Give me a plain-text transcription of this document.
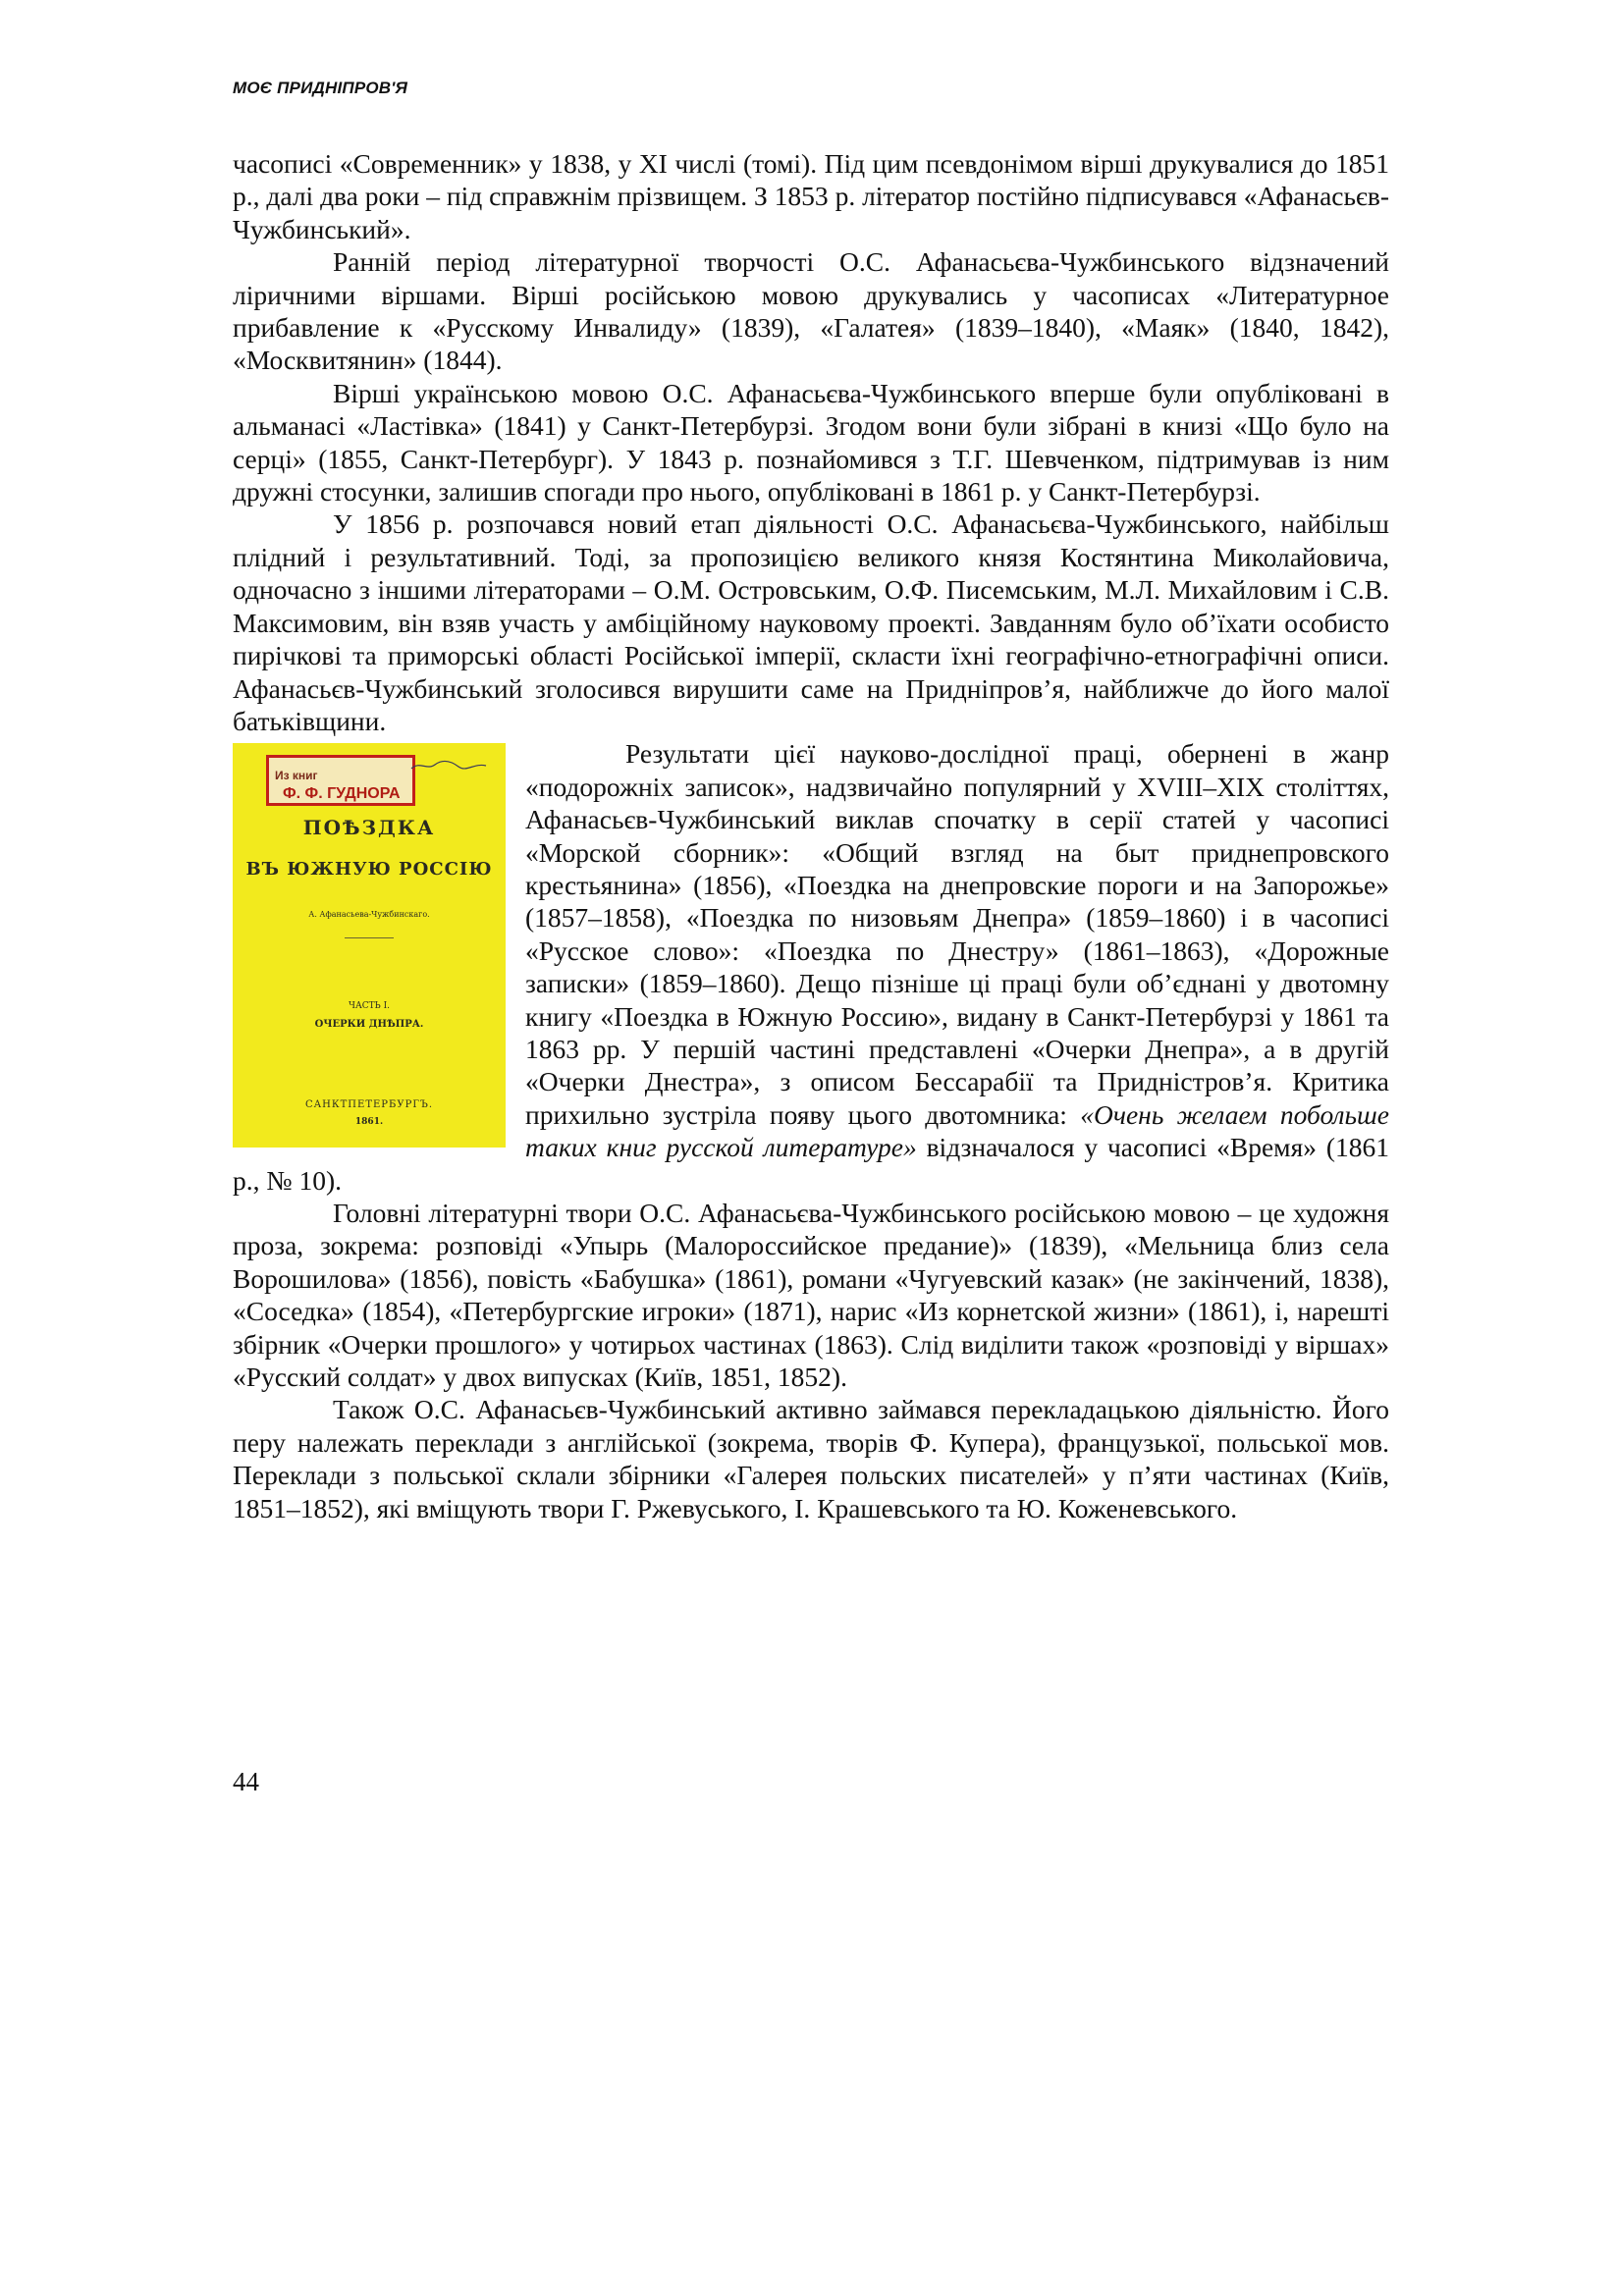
МОЄ ПРИДНІПРОВ'Я

часописі «Современник» у 1838, у XI числі (томі). Під цим псевдонімом вірші друкувалися до 1851 р., далі два роки – під справжнім прізвищем. З 1853 р. літератор постійно підписувався «Афанасьєв-Чужбинський».

Ранній період літературної творчості О.С. Афанасьєва-Чужбинського відзначений ліричними віршами. Вірші російською мовою друкувались у часописах «Литературное прибавление к «Русскому Инвалиду» (1839), «Галатея» (1839–1840), «Маяк» (1840, 1842), «Москвитянин» (1844).

Вірші українською мовою О.С. Афанасьєва-Чужбинського вперше були опубліковані в альманасі «Ластівка» (1841) у Санкт-Петербурзі. Згодом вони були зібрані в книзі «Що було на серці» (1855, Санкт-Петербург). У 1843 р. познайомився з Т.Г. Шевченком, підтримував із ним дружні стосунки, залишив спогади про нього, опубліковані в 1861 р. у Санкт-Петербурзі.

У 1856 р. розпочався новий етап діяльності О.С. Афанасьєва-Чужбинського, найбільш плідний і результативний. Тоді, за пропозицією великого князя Костянтина Миколайовича, одночасно з іншими літераторами – О.М. Островським, О.Ф. Писемським, М.Л. Михайловим і С.В. Максимовим, він взяв участь у амбіційному науковому проекті. Завданням було об’їхати особисто пирічкові та приморські області Російської імперії, скласти їхні географічно-етнографічні описи. Афанасьєв-Чужбинський зголосився вирушити саме на Придніпров’я, найближче до його малої батьківщини.

Из книг
Ф. Ф. ГУДНОРА
ПОѢЗДКА
ВЪ ЮЖНУЮ РОССІЮ
А. Афанасьева-Чужбинскаго.
ЧАСТЬ I.
ОЧЕРКИ ДНѢПРА.
САНКТПЕТЕРБУРГЪ.
1861.

Результати цієї науково-дослідної праці, обернені в жанр «подорожніх записок», надзвичайно популярний у XVIII–XIX століттях, Афанасьєв-Чужбинський виклав спочатку в серії статей у часописі «Морской сборник»: «Общий взгляд на быт приднепровского крестьянина» (1856), «Поездка на днепровские пороги и на Запорожье» (1857–1858), «Поездка по низовьям Днепра» (1859–1860) і в часописі «Русское слово»: «Поездка по Днестру» (1861–1863), «Дорожные записки» (1859–1860). Дещо пізніше ці праці були об’єднані у двотомну книгу «Поездка в Южную Россию», видану в Санкт-Петербурзі у 1861 та 1863 рр. У першій частині представлені «Очерки Днепра», а в другій «Очерки Днестра», з описом Бессарабії та Придністров’я. Критика прихильно зустріла появу цього двотомника: «Очень желаем побольше таких книг русской литературе» відзначалося у часописі «Время» (1861 р., № 10).

Головні літературні твори О.С. Афанасьєва-Чужбинського російською мовою – це художня проза, зокрема: розповіді «Упырь (Малороссийское предание)» (1839), «Мельница близ села Ворошилова» (1856), повість «Бабушка» (1861), романи «Чугуевский казак» (не закінчений, 1838), «Соседка» (1854), «Петербургские игроки» (1871), нарис «Из корнетской жизни» (1861), і, нарешті збірник «Очерки прошлого» у чотирьох частинах (1863). Слід виділити також «розповіді у віршах» «Русский солдат» у двох випусках (Київ, 1851, 1852).

Також О.С. Афанасьєв-Чужбинський активно займався перекладацькою діяльністю. Його перу належать переклади з англійської (зокрема, творів Ф. Купера), французької, польської мов. Переклади з польської склали збірники «Галерея польских писателей» у п’яти частинах (Київ, 1851–1852), які вміщують твори Г. Ржевуського, І. Крашевського та Ю. Коженевського.

44
